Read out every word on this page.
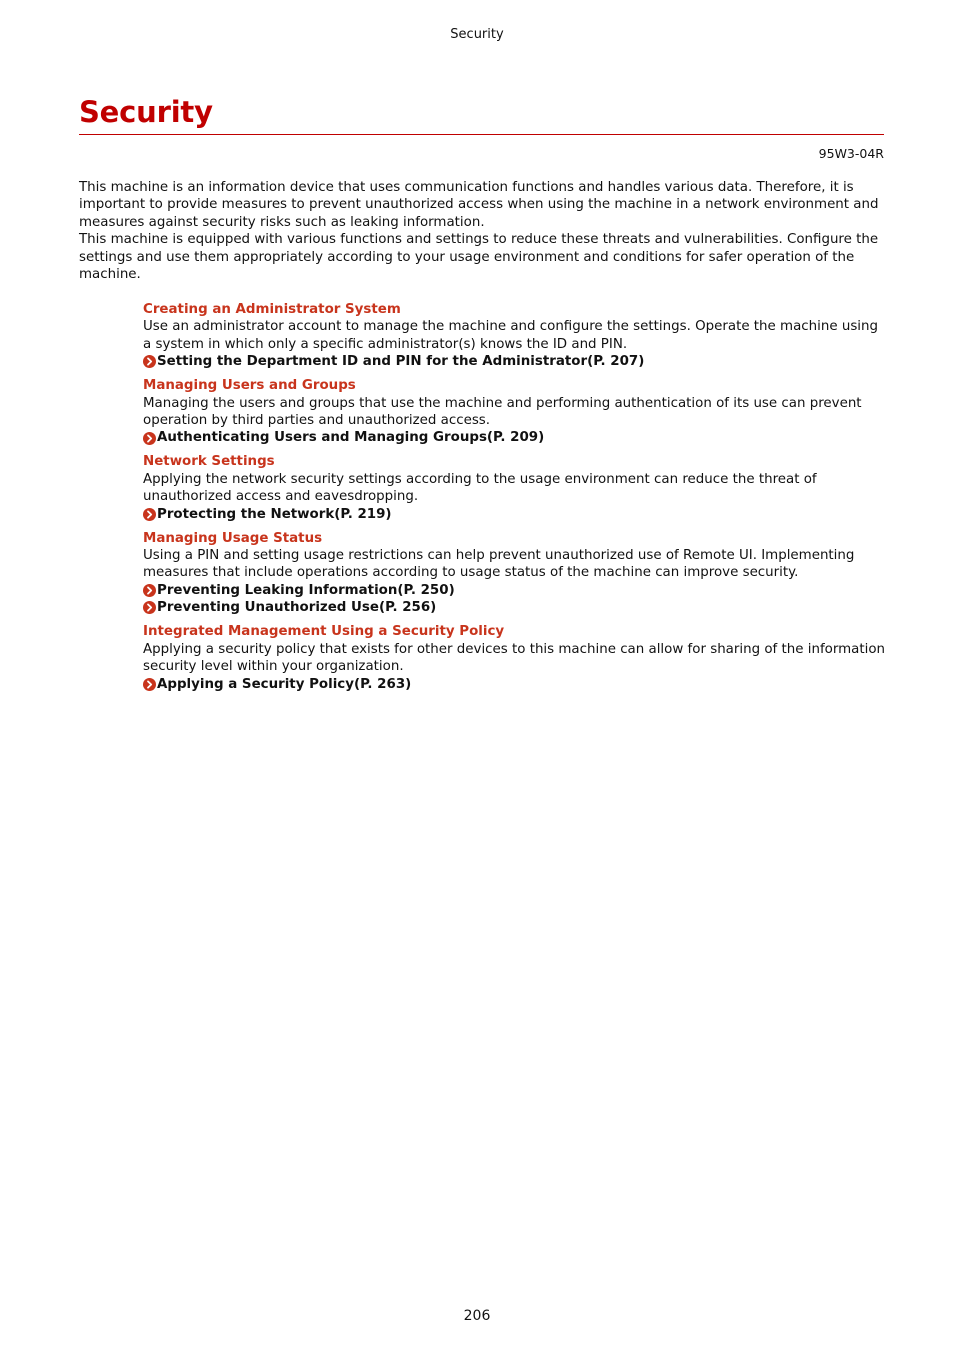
Security
Security
95W3-04R

This machine is an information device that uses communication functions and handles various data. Therefore, it is important to provide measures to prevent unauthorized access when using the machine in a network environment and measures against security risks such as leaking information.

This machine is equipped with various functions and settings to reduce these threats and vulnerabilities. Configure the settings and use them appropriately according to your usage environment and conditions for safer operation of the machine.

Creating an Administrator System
Use an administrator account to manage the machine and configure the settings. Operate the machine using a system in which only a specific administrator(s) knows the ID and PIN.
Setting the Department ID and PIN for the Administrator(P. 207)
Managing Users and Groups
Managing the users and groups that use the machine and performing authentication of its use can prevent operation by third parties and unauthorized access.
Authenticating Users and Managing Groups(P. 209)
Network Settings
Applying the network security settings according to the usage environment can reduce the threat of unauthorized access and eavesdropping.
Protecting the Network(P. 219)
Managing Usage Status
Using a PIN and setting usage restrictions can help prevent unauthorized use of Remote UI. Implementing measures that include operations according to usage status of the machine can improve security.
Preventing Leaking Information(P. 250)
Preventing Unauthorized Use(P. 256)
Integrated Management Using a Security Policy
Applying a security policy that exists for other devices to this machine can allow for sharing of the information security level within your organization.
Applying a Security Policy(P. 263)
206
